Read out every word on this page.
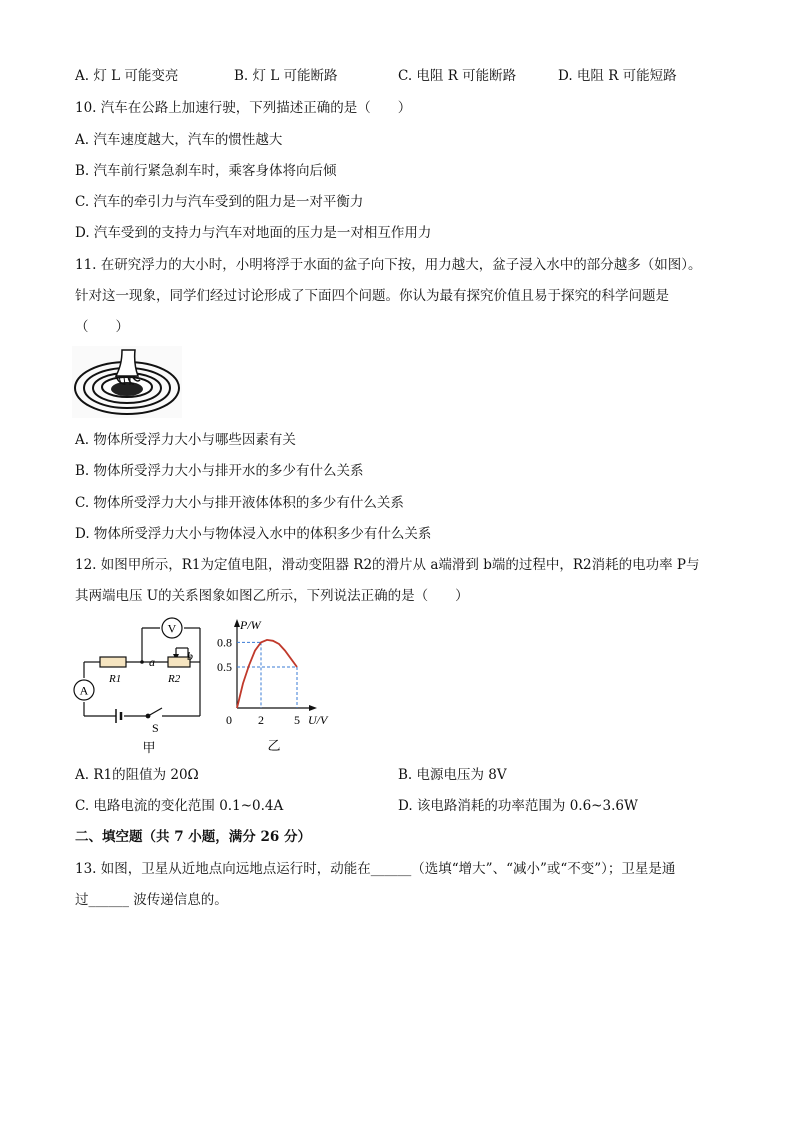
A. 灯 L 可能变亮	B. 灯 L 可能断路	C. 电阻 R 可能断路	D. 电阻 R 可能短路
10. 汽车在公路上加速行驶，下列描述正确的是（　　）
A. 汽车速度越大，汽车的惯性越大
B. 汽车前行紧急刹车时，乘客身体将向后倾
C. 汽车的牵引力与汽车受到的阻力是一对平衡力
D. 汽车受到的支持力与汽车对地面的压力是一对相互作用力
11. 在研究浮力的大小时，小明将浮于水面的盆子向下按，用力越大，盆子浸入水中的部分越多（如图）。
针对这一现象，同学们经过讨论形成了下面四个问题。你认为最有探究价值且易于探究的科学问题是
（　　）
A. 物体所受浮力大小与哪些因素有关
B. 物体所受浮力大小与排开水的多少有什么关系
C. 物体所受浮力大小与排开液体体积的多少有什么关系
D. 物体所受浮力大小与物体浸入水中的体积多少有什么关系
12. 如图甲所示，R1为定值电阻，滑动变阻器 R2的滑片从 a端滑到 b端的过程中，R2消耗的电功率 P与
其两端电压 U的关系图象如图乙所示，下列说法正确的是（　　）
V
A
R1	R2
a	b
S
甲
P/W
U/V
0 2	5
0.8
0.5
乙
A. R1的阻值为 20Ω	B. 电源电压为 8V
C. 电路电流的变化范围 0.1~0.4A	D. 该电路消耗的功率范围为 0.6~3.6W
二、填空题（共 7 小题，满分 26 分）
13. 如图，卫星从近地点向远地点运行时，动能在______（选填“增大”、“减小”或“不变”）；卫星是通
过______ 波传递信息的。
